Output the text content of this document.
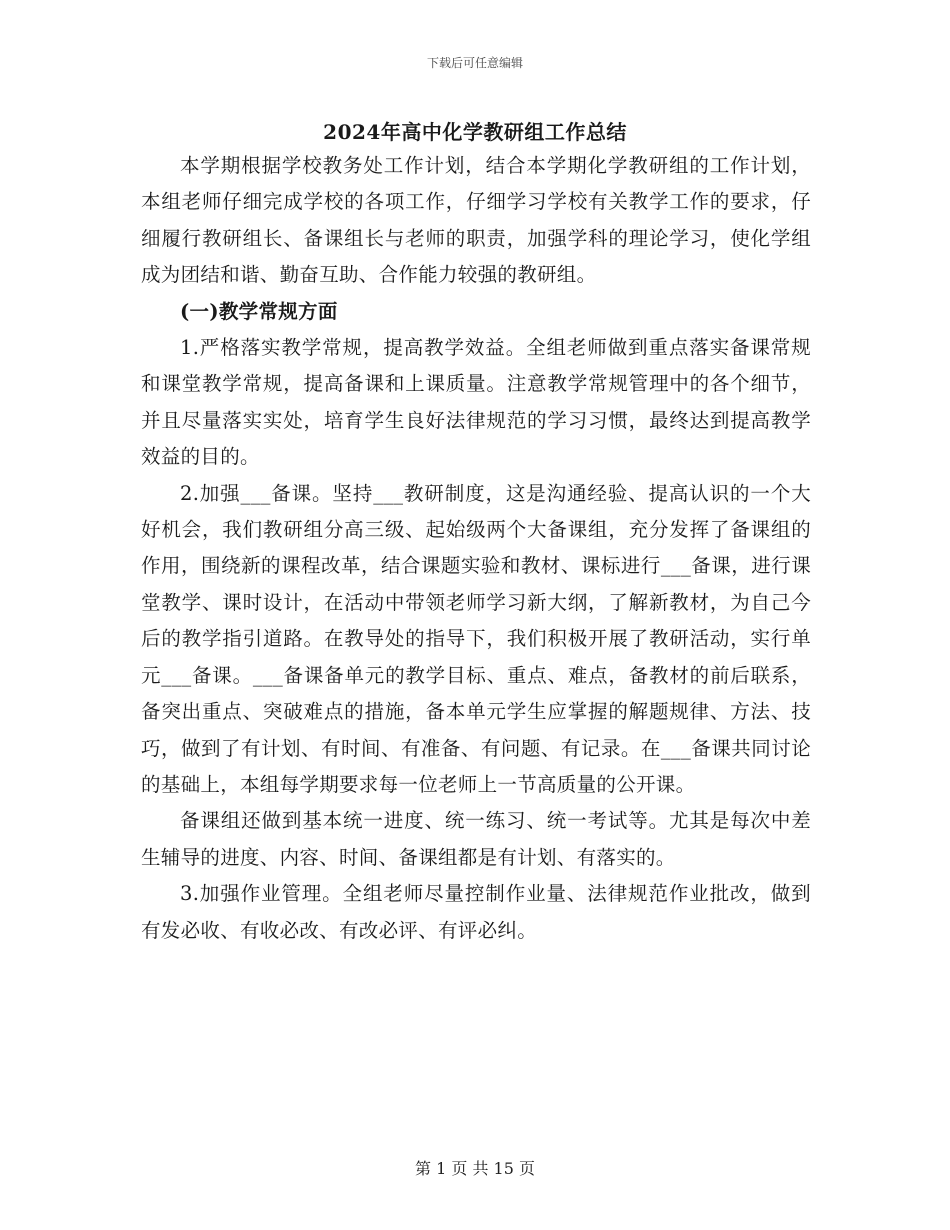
下载后可任意编辑
2024年高中化学教研组工作总结

本学期根据学校教务处工作计划，结合本学期化学教研组的工作计划，本组老师仔细完成学校的各项工作，仔细学习学校有关教学工作的要求，仔细履行教研组长、备课组长与老师的职责，加强学科的理论学习，使化学组成为团结和谐、勤奋互助、合作能力较强的教研组。

(一)教学常规方面

1.严格落实教学常规，提高教学效益。全组老师做到重点落实备课常规和课堂教学常规，提高备课和上课质量。注意教学常规管理中的各个细节，并且尽量落实实处，培育学生良好法律规范的学习习惯，最终达到提高教学效益的目的。

2.加强___备课。坚持___教研制度，这是沟通经验、提高认识的一个大好机会，我们教研组分高三级、起始级两个大备课组，充分发挥了备课组的作用，围绕新的课程改革，结合课题实验和教材、课标进行___备课，进行课堂教学、课时设计，在活动中带领老师学习新大纲，了解新教材，为自己今后的教学指引道路。在教导处的指导下，我们积极开展了教研活动，实行单元___备课。___备课备单元的教学目标、重点、难点，备教材的前后联系，备突出重点、突破难点的措施，备本单元学生应掌握的解题规律、方法、技巧，做到了有计划、有时间、有准备、有问题、有记录。在___备课共同讨论的基础上，本组每学期要求每一位老师上一节高质量的公开课。

备课组还做到基本统一进度、统一练习、统一考试等。尤其是每次中差生辅导的进度、内容、时间、备课组都是有计划、有落实的。

3.加强作业管理。全组老师尽量控制作业量、法律规范作业批改，做到有发必收、有收必改、有改必评、有评必纠。

第 1 页 共 15 页
